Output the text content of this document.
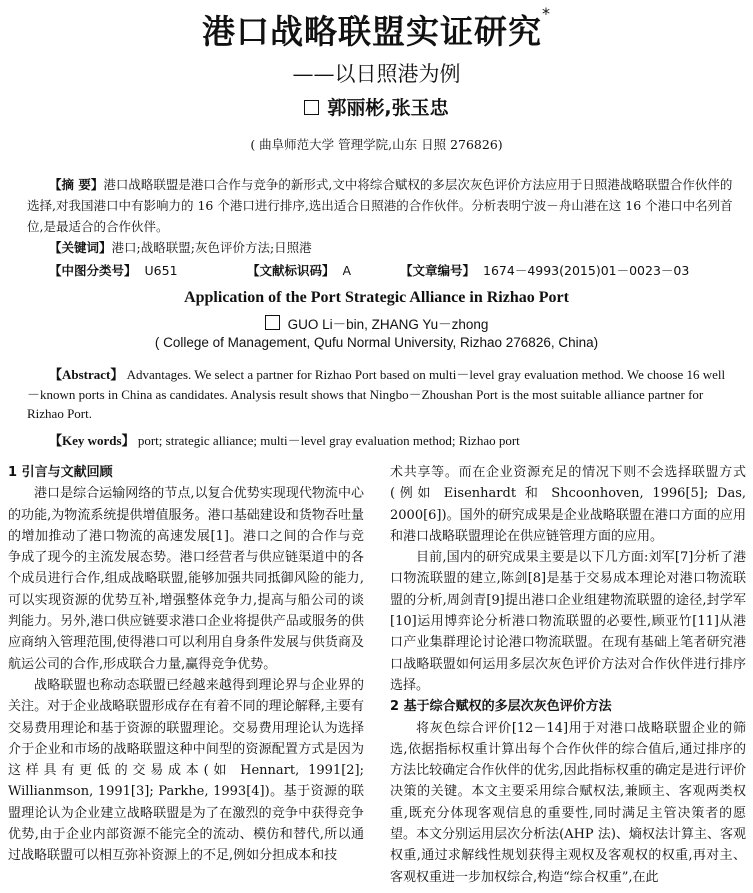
港口战略联盟实证研究*
——以日照港为例
郭丽彬,张玉忠
( 曲阜师范大学 管理学院,山东 日照 276826)
【摘 要】港口战略联盟是港口合作与竞争的新形式,文中将综合赋权的多层次灰色评价方法应用于日照港战略联盟合作伙伴的选择,对我国港口中有影响力的 16 个港口进行排序,选出适合日照港的合作伙伴。分析表明宁波－舟山港在这 16 个港口中名列首位,是最适合的合作伙伴。
【关键词】港口;战略联盟;灰色评价方法;日照港
【中图分类号】 U651	【文献标识码】 A	【文章编号】 1674－4993(2015)01－0023－03
Application of the Port Strategic Alliance in Rizhao Port
GUO Li－bin, ZHANG Yu－zhong
( College of Management, Qufu Normal University, Rizhao 276826, China)
【Abstract】 Advantages. We select a partner for Rizhao Port based on multi－level gray evaluation method. We choose 16 well－known ports in China as candidates. Analysis result shows that Ningbo－Zhoushan Port is the most suitable alliance partner for Rizhao Port.
【Key words】 port; strategic alliance; multi－level gray evaluation method; Rizhao port
1 引言与文献回顾

港口是综合运输网络的节点,以复合优势实现现代物流中心的功能,为物流系统提供增值服务。港口基础建设和货物吞吐量的增加推动了港口物流的高速发展[1]。港口之间的合作与竞争成了现今的主流发展态势。港口经营者与供应链渠道中的各个成员进行合作,组成战略联盟,能够加强共同抵御风险的能力,可以实现资源的优势互补,增强整体竞争力,提高与船公司的谈判能力。另外,港口供应链要求港口企业将提供产品或服务的供应商纳入管理范围,使得港口可以利用自身条件发展与供货商及航运公司的合作,形成联合力量,赢得竞争优势。

战略联盟也称动态联盟已经越来越得到理论界与企业界的关注。对于企业战略联盟形成存在有着不同的理论解释,主要有交易费用理论和基于资源的联盟理论。交易费用理论认为选择介于企业和市场的战略联盟这种中间型的资源配置方式是因为这样具有更低的交易成本(如 Hennart, 1991[2]; Willianmson, 1991[3]; Parkhe, 1993[4])。基于资源的联盟理论认为企业建立战略联盟是为了在激烈的竞争中获得竞争优势,由于企业内部资源不能完全的流动、模仿和替代,所以通过战略联盟可以相互弥补资源上的不足,例如分担成本和技

术共享等。而在企业资源充足的情况下则不会选择联盟方式(例如 Eisenhardt 和 Shcoonhoven, 1996[5]; Das, 2000[6])。国外的研究成果是企业战略联盟在港口方面的应用和港口战略联盟理论在供应链管理方面的应用。

目前,国内的研究成果主要是以下几方面:刘军[7]分析了港口物流联盟的建立,陈剑[8]是基于交易成本理论对港口物流联盟的分析,周剑青[9]提出港口企业组建物流联盟的途径,封学军[10]运用博弈论分析港口物流联盟的必要性,顾亚竹[11]从港口产业集群理论讨论港口物流联盟。在现有基础上笔者研究港口战略联盟如何运用多层次灰色评价方法对合作伙伴进行排序选择。

2 基于综合赋权的多层次灰色评价方法

将灰色综合评价[12－14]用于对港口战略联盟企业的筛选,依据指标权重计算出每个合作伙伴的综合值后,通过排序的方法比较确定合作伙伴的优劣,因此指标权重的确定是进行评价决策的关键。本文主要采用综合赋权法,兼顾主、客观两类权重,既充分体现客观信息的重要性,同时满足主管决策者的愿望。本文分别运用层次分析法(AHP 法)、熵权法计算主、客观权重,通过求解线性规划获得主观权及客观权的权重,再对主、客观权重进一步加权综合,构造“综合权重”,在此
